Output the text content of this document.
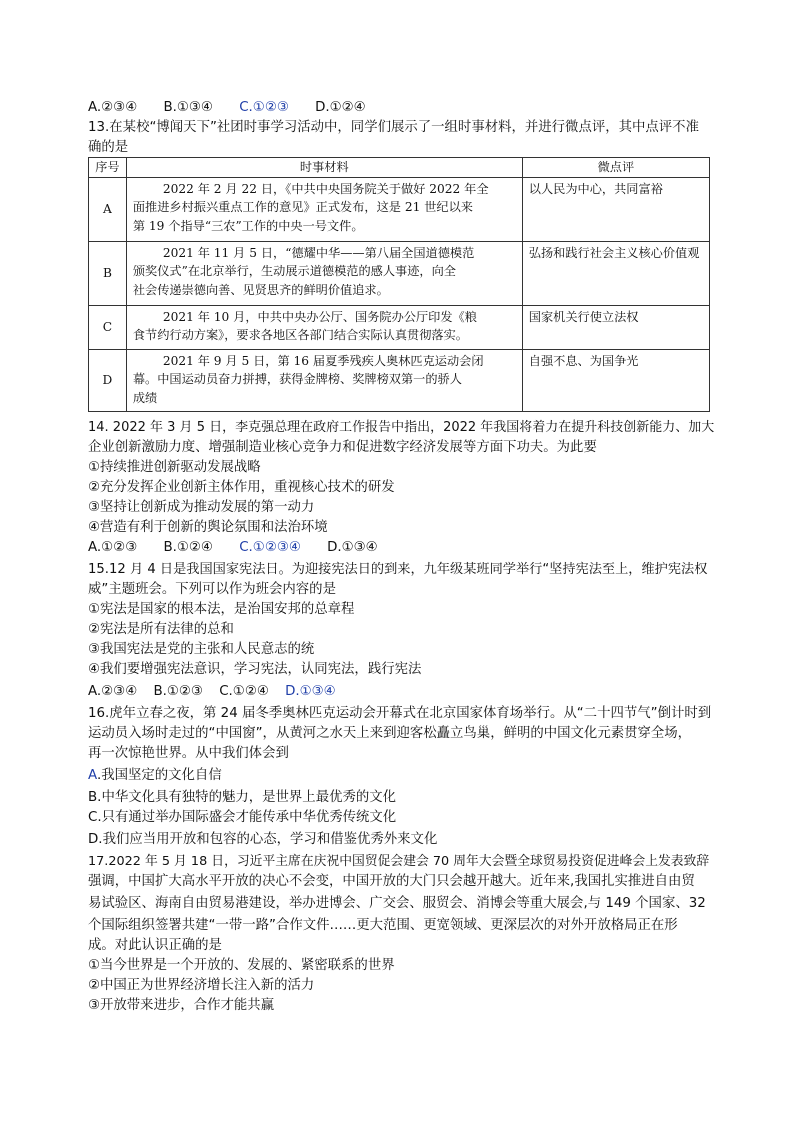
A.②③④ B.①③④ C.①②③ D.①②④
13.在某校“博闻天下”社团时事学习活动中，同学们展示了一组时事材料，并进行微点评，其中点评不准
确的是
序号	时事材料	微点评
A	2022 年 2 月 22 日，《中共中央国务院关于做好 2022 年全
面推进乡村振兴重点工作的意见》正式发布，这是 21 世纪以来
第 19 个指导“三农”工作的中央一号文件。	以人民为中心，共同富裕
B	2021 年 11 月 5 日，“德耀中华——第八届全国道德模范
颁奖仪式”在北京举行，生动展示道德模范的感人事迹，向全
社会传递崇德向善、见贤思齐的鲜明价值追求。	弘扬和践行社会主义核心价值观
C	2021 年 10 月，中共中央办公厅、国务院办公厅印发《粮
食节约行动方案》，要求各地区各部门结合实际认真贯彻落实。	国家机关行使立法权
D	2021 年 9 月 5 日，第 16 届夏季残疾人奥林匹克运动会闭
幕。中国运动员奋力拼搏，获得金牌榜、奖牌榜双第一的骄人
成绩	自强不息、为国争光
14. 2022 年 3 月 5 日，李克强总理在政府工作报告中指出，2022 年我国将着力在提升科技创新能力、加大
企业创新激励力度、增强制造业核心竞争力和促进数字经济发展等方面下功夫。为此要
①持续推进创新驱动发展战略
②充分发挥企业创新主体作用，重视核心技术的研发
③坚持让创新成为推动发展的第一动力
④营造有利于创新的舆论氛围和法治环境
A.①②③ B.①②④ C.①②③④ D.①③④
15.12 月 4 日是我国国家宪法日。为迎接宪法日的到来，九年级某班同学举行“坚持宪法至上，维护宪法权
威”主题班会。下列可以作为班会内容的是
①宪法是国家的根本法，是治国安邦的总章程
②宪法是所有法律的总和
③我国宪法是党的主张和人民意志的统
④我们要增强宪法意识，学习宪法，认同宪法，践行宪法
A.②③④ B.①②③ C.①②④ D.①③④
16.虎年立春之夜，第 24 届冬季奥林匹克运动会开幕式在北京国家体育场举行。从“二十四节气”倒计时到
运动员入场时走过的“中国窗”，从黄河之水天上来到迎客松矗立鸟巢，鲜明的中国文化元素贯穿全场，
再一次惊艳世界。从中我们体会到
A.我国坚定的文化自信
B.中华文化具有独特的魅力，是世界上最优秀的文化
C.只有通过举办国际盛会才能传承中华优秀传统文化
D.我们应当用开放和包容的心态，学习和借鉴优秀外来文化
17.2022 年 5 月 18 日，习近平主席在庆祝中国贸促会建会 70 周年大会暨全球贸易投资促进峰会上发表致辞
强调，中国扩大高水平开放的决心不会变，中国开放的大门只会越开越大。近年来,我国扎实推进自由贸
易试验区、海南自由贸易港建设，举办进博会、广交会、服贸会、消博会等重大展会,与 149 个国家、32
个国际组织签署共建“一带一路”合作文件……更大范围、更宽领域、更深层次的对外开放格局正在形
成。对此认识正确的是
①当今世界是一个开放的、发展的、紧密联系的世界
②中国正为世界经济增长注入新的活力
③开放带来进步，合作才能共赢
